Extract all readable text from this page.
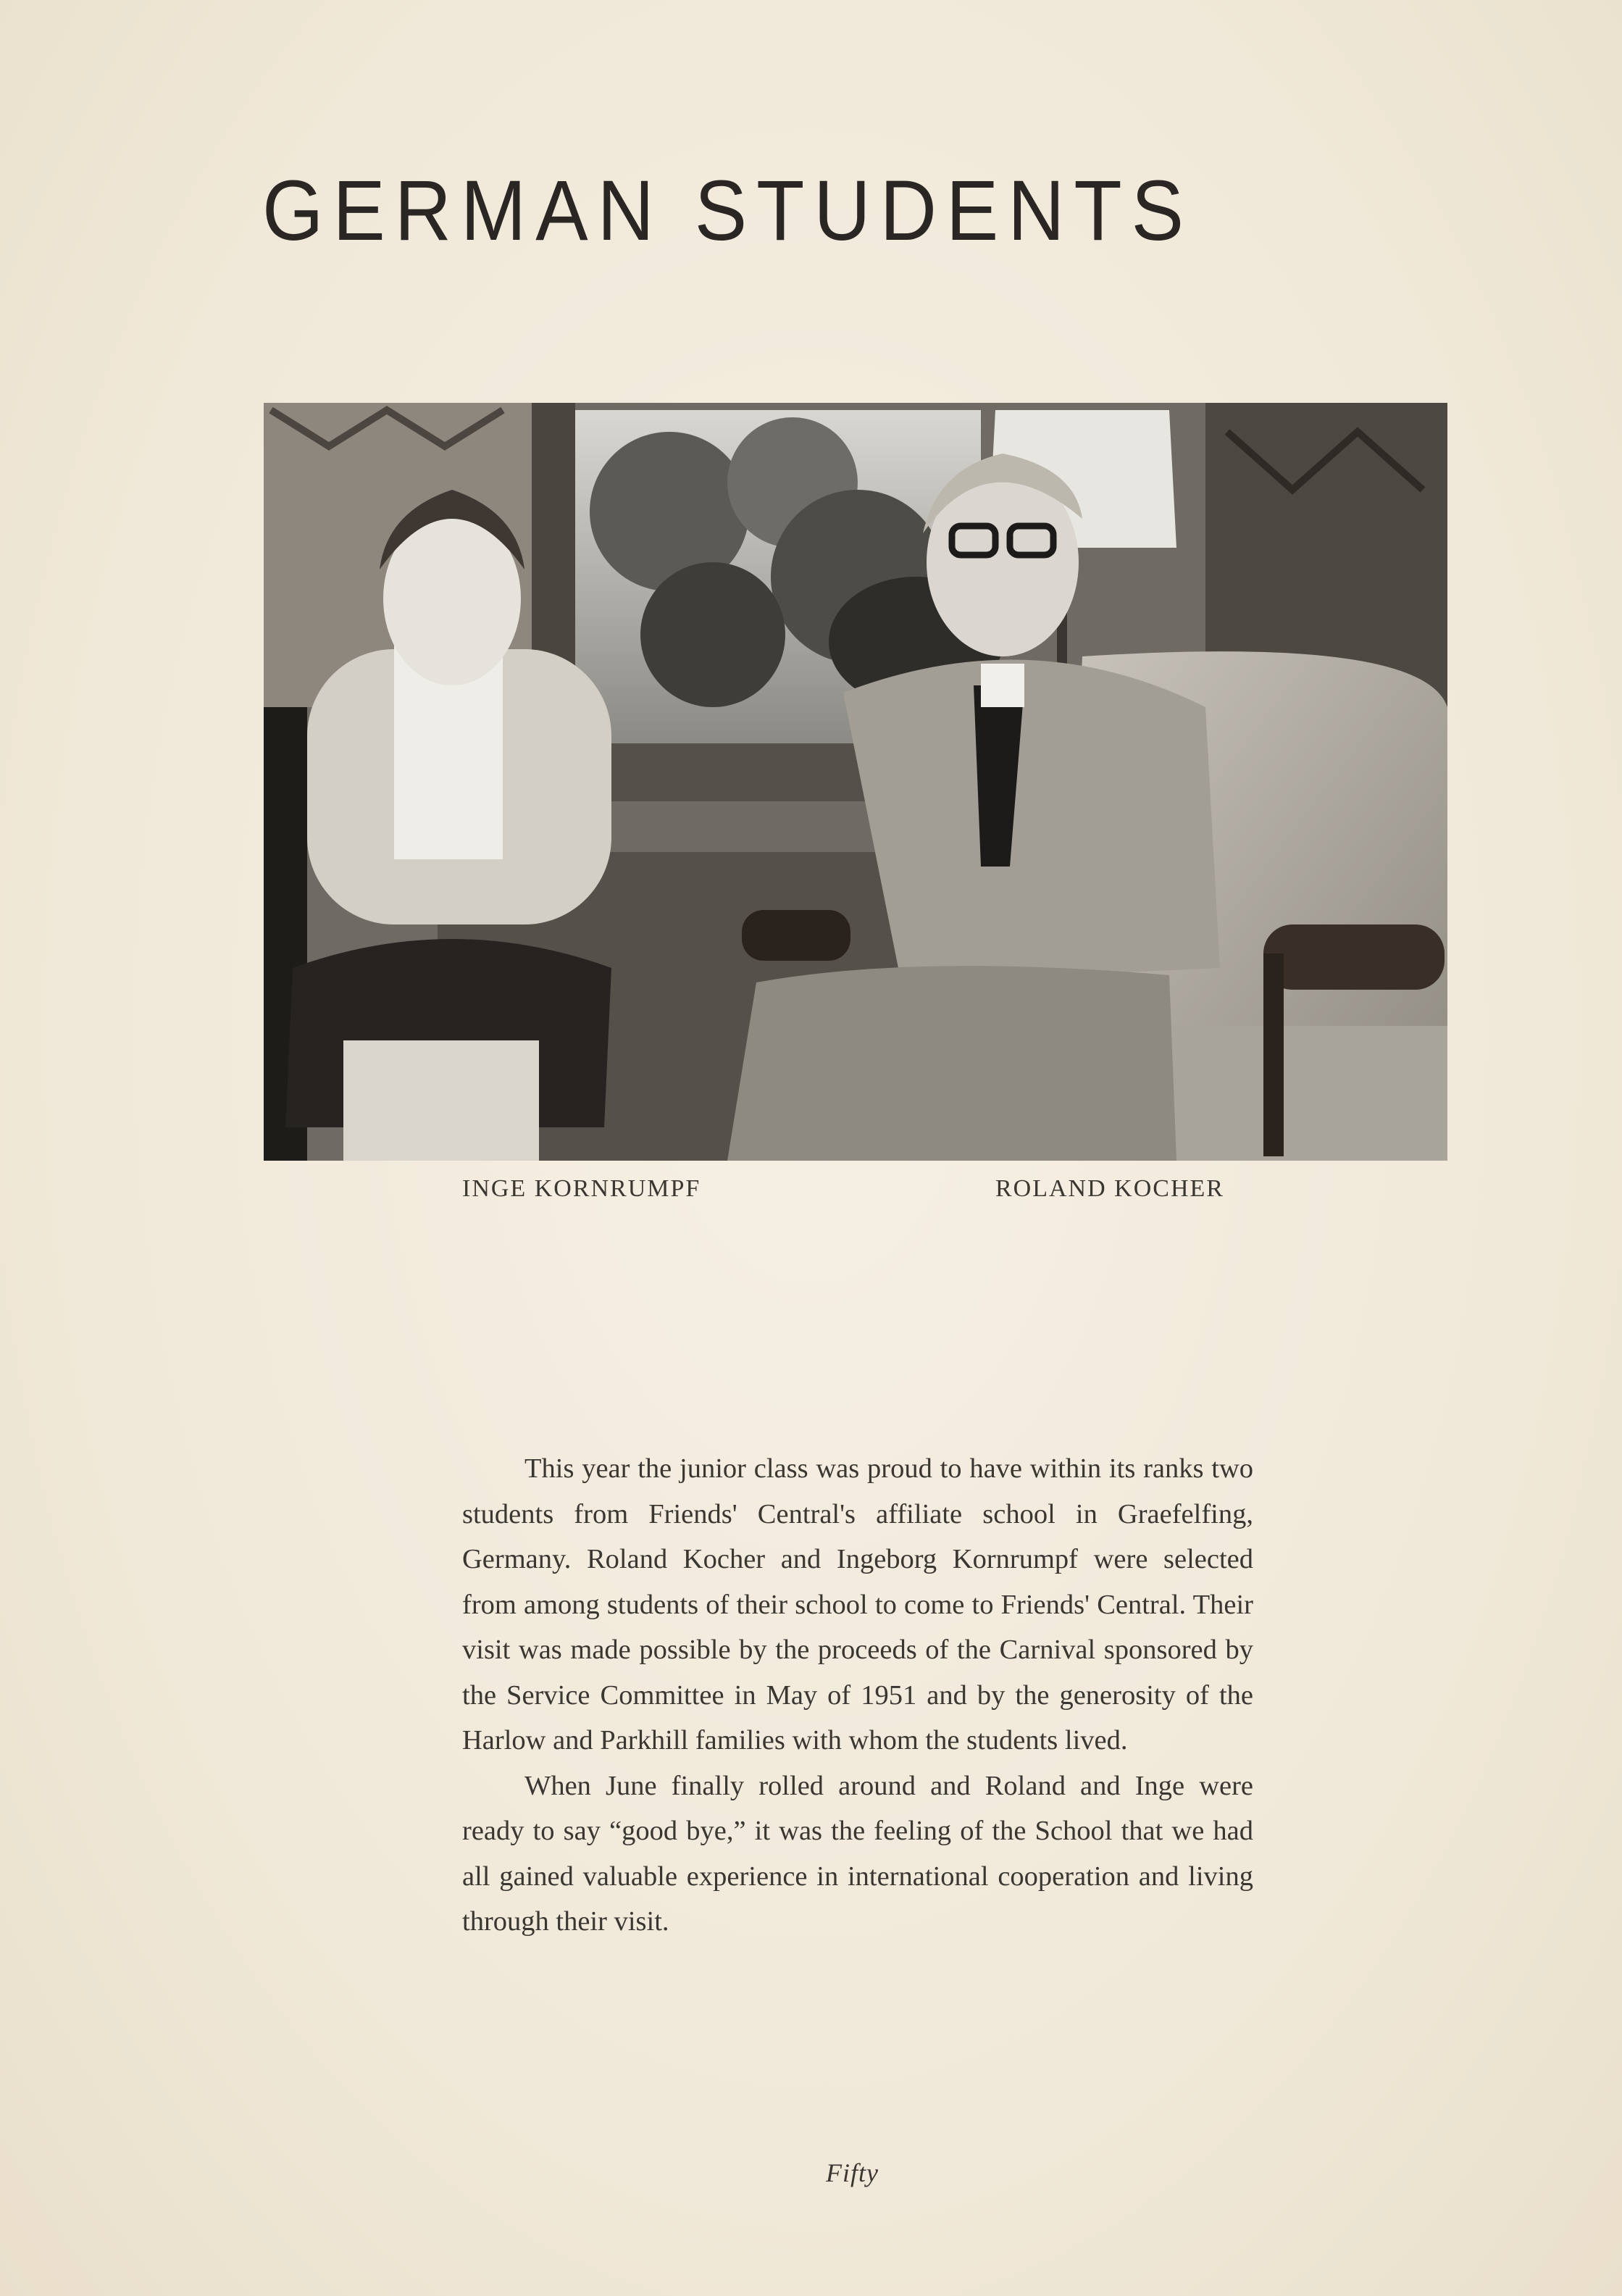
GERMAN STUDENTS
INGE KORNRUMPF	ROLAND KOCHER

This year the junior class was proud to have within its ranks two students from Friends' Central's affiliate school in Graefelfing, Germany. Roland Kocher and Ingeborg Kornrumpf were selected from among students of their school to come to Friends' Central. Their visit was made possible by the proceeds of the Carnival sponsored by the Service Committee in May of 1951 and by the generosity of the Harlow and Parkhill families with whom the students lived.

When June finally rolled around and Roland and Inge were ready to say “good bye,” it was the feeling of the School that we had all gained valuable experience in international cooperation and living through their visit.

Fifty
